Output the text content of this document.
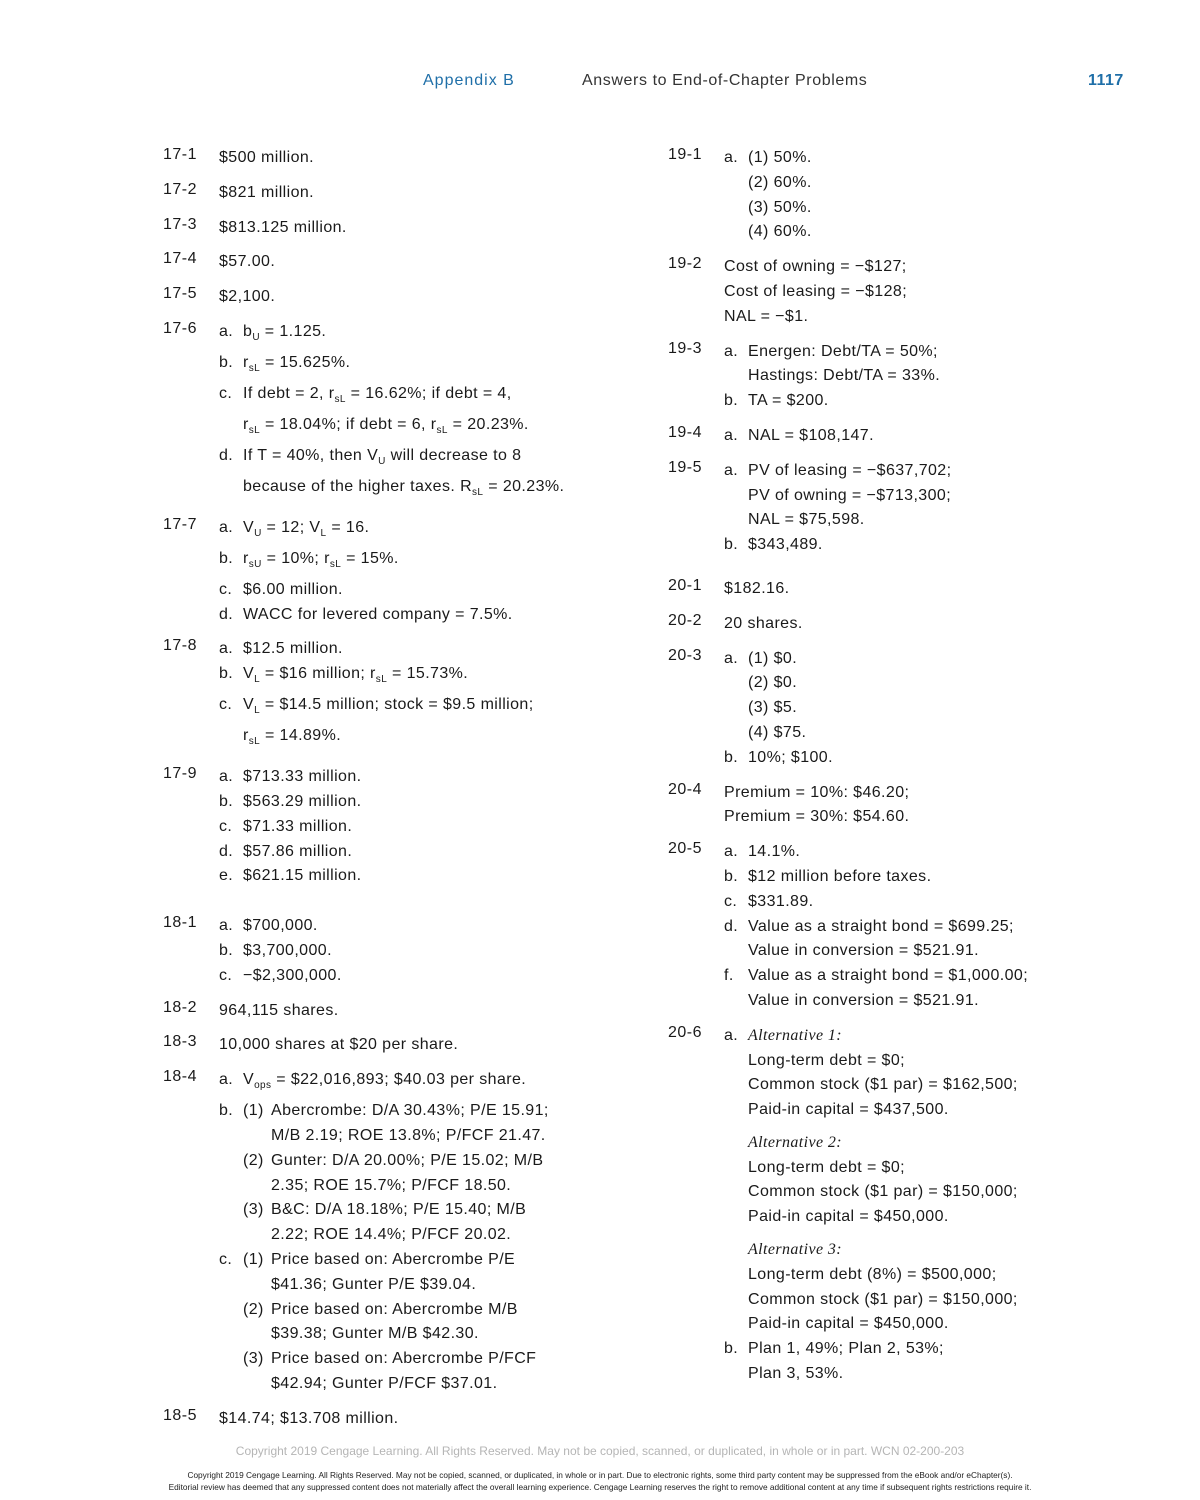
Appendix B	Answers to End-of-Chapter Problems	1117
17-1 $500 million.
17-2 $821 million.
17-3 $813.125 million.
17-4 $57.00.
17-5 $2,100.
17-6 a. $b_U = 1.125$.
b. $r_{sL} = 15.625\%$.
c. If debt = 2, $r_{sL} = 16.62\%$; if debt = 4,
$r_{sL} = 18.04\%$; if debt = 6, $r_{sL} = 20.23\%$.
d. If T = 40%, then $V_U$ will decrease to 8
because of the higher taxes. $R_{sL} = 20.23\%$.
17-7 a. $V_U = 12$; $V_L = 16$.
b. $r_{sU} = 10\%$; $r_{sL} = 15\%$.
c. $6.00 million.
d. WACC for levered company = 7.5%.
17-8 a. $12.5 million.
b. $V_L$ = $16 million; $r_{sL} = 15.73\%$.
c. $V_L$ = $14.5 million; stock = $9.5 million;
$r_{sL} = 14.89\%$.
17-9 a. $713.33 million.
b. $563.29 million.
c. $71.33 million.
d. $57.86 million.
e. $621.15 million.
18-1 a. $700,000.
b. $3,700,000.
c. −$2,300,000.
18-2 964,115 shares.
18-3 10,000 shares at $20 per share.
18-4 a. $V_{ops}$ = $22,016,893; $40.03 per share.
b. (1) Abercrombe: D/A 30.43%; P/E 15.91;
M/B 2.19; ROE 13.8%; P/FCF 21.47.
(2) Gunter: D/A 20.00%; P/E 15.02; M/B
2.35; ROE 15.7%; P/FCF 18.50.
(3) B&C: D/A 18.18%; P/E 15.40; M/B
2.22; ROE 14.4%; P/FCF 20.02.
c. (1) Price based on: Abercrombe P/E
$41.36; Gunter P/E $39.04.
(2) Price based on: Abercrombe M/B
$39.38; Gunter M/B $42.30.
(3) Price based on: Abercrombe P/FCF
$42.94; Gunter P/FCF $37.01.
18-5 $14.74; $13.708 million.
19-1 a. (1) 50%.
(2) 60%.
(3) 50%.
(4) 60%.
19-2 Cost of owning = −$127;
Cost of leasing = −$128;
NAL = −$1.
19-3 a. Energen: Debt/TA = 50%;
Hastings: Debt/TA = 33%.
b. TA = $200.
19-4 a. NAL = $108,147.
19-5 a. PV of leasing = −$637,702;
PV of owning = −$713,300;
NAL = $75,598.
b. $343,489.
20-1 $182.16.
20-2 20 shares.
20-3 a. (1) $0.
(2) $0.
(3) $5.
(4) $75.
b. 10%; $100.
20-4 Premium = 10%: $46.20;
Premium = 30%: $54.60.
20-5 a. 14.1%.
b. $12 million before taxes.
c. $331.89.
d. Value as a straight bond = $699.25;
Value in conversion = $521.91.
f. Value as a straight bond = $1,000.00;
Value in conversion = $521.91.
20-6 a. Alternative 1:
Long-term debt = $0;
Common stock ($1 par) = $162,500;
Paid-in capital = $437,500.
Alternative 2:
Long-term debt = $0;
Common stock ($1 par) = $150,000;
Paid-in capital = $450,000.
Alternative 3:
Long-term debt (8%) = $500,000;
Common stock ($1 par) = $150,000;
Paid-in capital = $450,000.
b. Plan 1, 49%; Plan 2, 53%;
Plan 3, 53%.
Copyright 2019 Cengage Learning. All Rights Reserved. May not be copied, scanned, or duplicated, in whole or in part. WCN 02-200-203
Copyright 2019 Cengage Learning. All Rights Reserved. May not be copied, scanned, or duplicated, in whole or in part. Due to electronic rights, some third party content may be suppressed from the eBook and/or eChapter(s).
Editorial review has deemed that any suppressed content does not materially affect the overall learning experience. Cengage Learning reserves the right to remove additional content at any time if subsequent rights restrictions require it.
